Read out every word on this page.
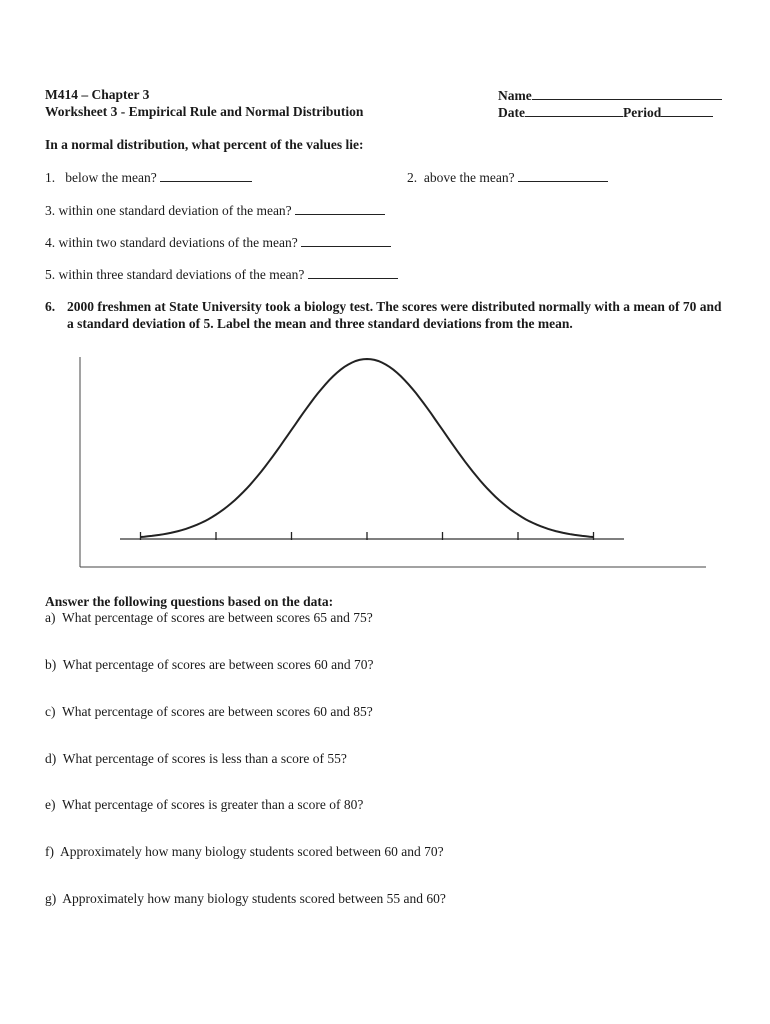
M414 – Chapter 3
Worksheet 3 - Empirical Rule and Normal Distribution
Name
Date	Period
In a normal distribution, what percent of the values lie:
1. below the mean?	2. above the mean?
3. within one standard deviation of the mean?
4. within two standard deviations of the mean?
5. within three standard deviations of the mean?
6. 2000 freshmen at State University took a biology test. The scores were distributed normally with a mean of 70 and a standard deviation of 5. Label the mean and three standard deviations from the mean.
Answer the following questions based on the data:
a) What percentage of scores are between scores 65 and 75?
b) What percentage of scores are between scores 60 and 70?
c) What percentage of scores are between scores 60 and 85?
d) What percentage of scores is less than a score of 55?
e) What percentage of scores is greater than a score of 80?
f) Approximately how many biology students scored between 60 and 70?
g) Approximately how many biology students scored between 55 and 60?
